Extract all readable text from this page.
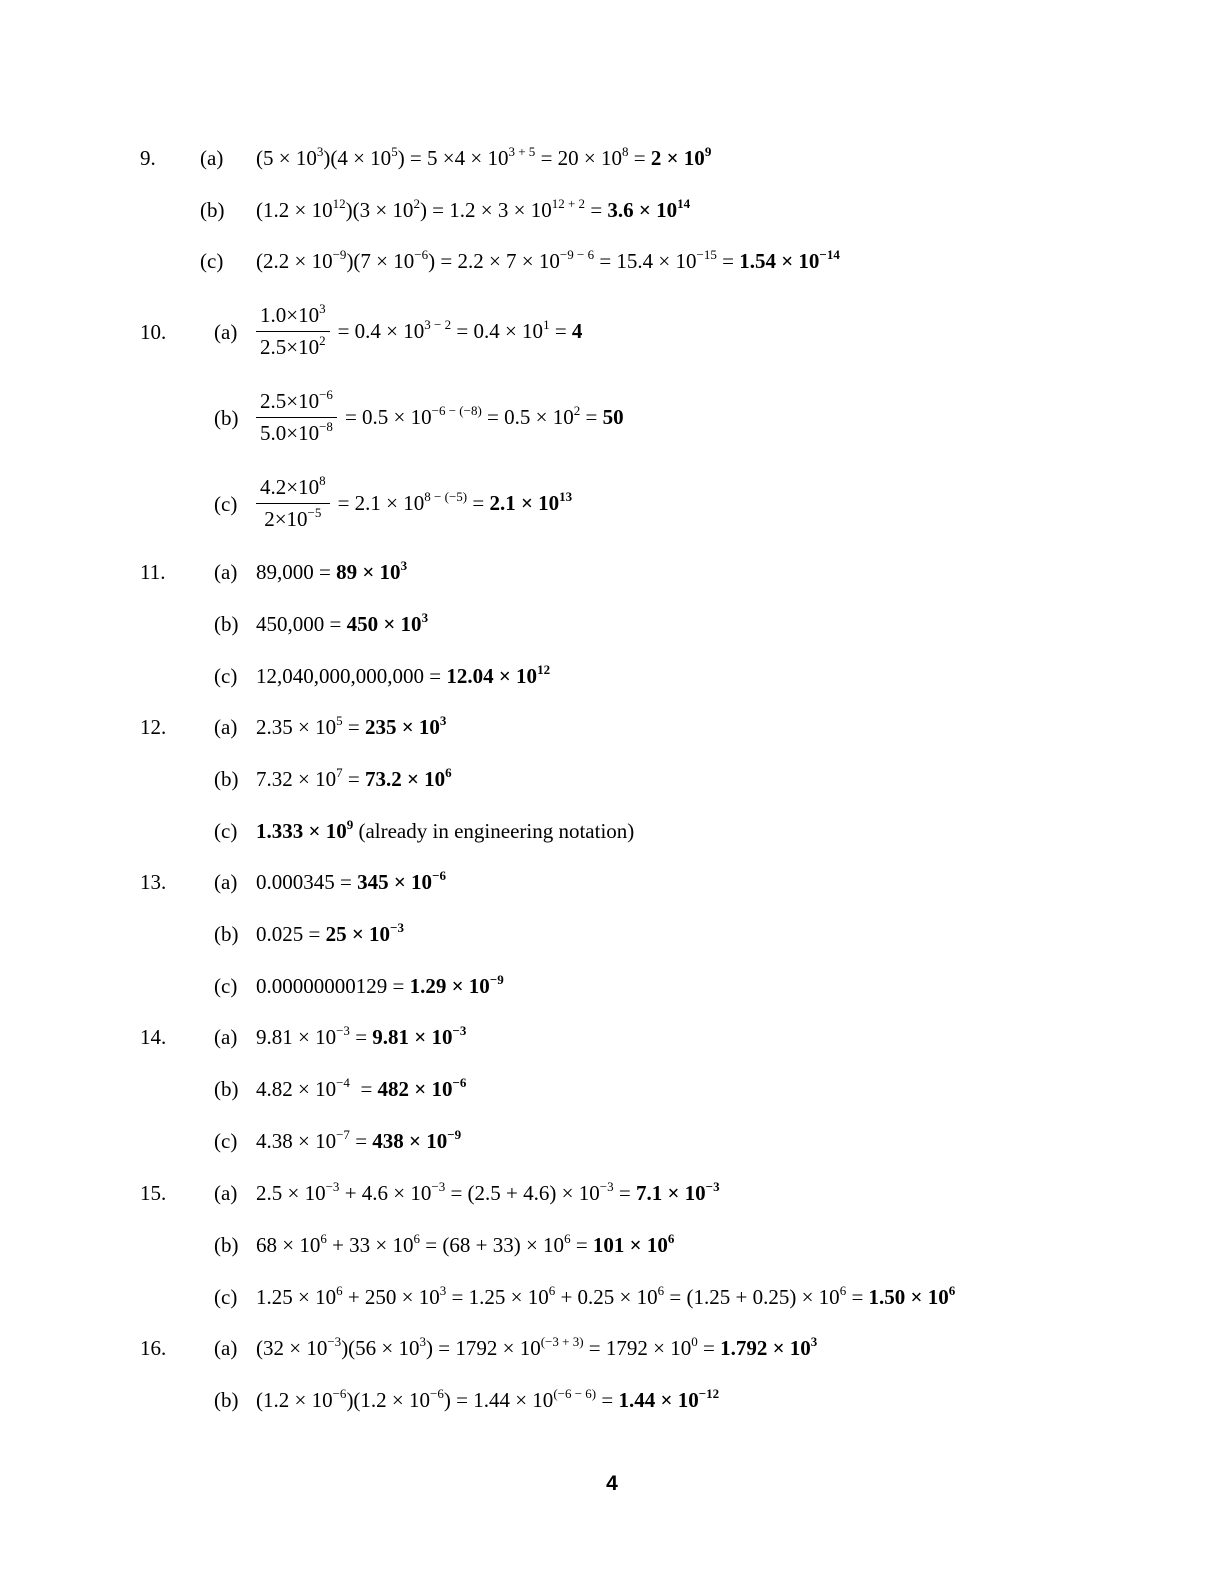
9. (a) $(5 \times 10^3)(4 \times 10^5) = 5 \times 4 \times 10^{3 + 5} = 20 \times 10^8 = 2 \times 10^9$
(b) $(1.2 \times 10^{12})(3 \times 10^2) = 1.2 \times 3 \times 10^{12 + 2} = 3.6 \times 10^{14}$
(c) $(2.2 \times 10^{-9})(7 \times 10^{-6}) = 2.2 \times 7 \times 10^{-9 - 6} = 15.4 \times 10^{-15} = 1.54 \times 10^{-14}$
10. $(a) \frac{1.0\times 10^3}{2.5\times 10^2} = 0.4 \times 10^{3 - 2} = 0.4 \times 10^1 = 4$
$(b) \frac{2.5\times 10^{-6}}{5.0\times 10^{-8}} = 0.5 \times 10^{-6 - (-8)} = 0.5 \times 10^2 = 50$
$(c) \frac{4.2\times 10^8}{2\times 10^{-5}} = 2.1 \times 10^{8 - (-5)} = 2.1 \times 10^{13}$
11. (a) $89,000 = 89 \times 10^3$
(b) $450,000 = 450 \times 10^3$
(c) $12,040,000,000,000 = 12.04 \times 10^{12}$
12. (a) $2.35 \times 10^5 = 235 \times 10^3$
(b) $7.32 \times 10^7 = 73.2 \times 10^6$
(c) $1.333 \times 10^9$ (already in engineering notation)
13. (a) $0.000345 = 345 \times 10^{-6}$
(b) $0.025 = 25 \times 10^{-3}$
(c) $0.00000000129 = 1.29 \times 10^{-9}$
14. (a) $9.81 \times 10^{-3} = 9.81 \times 10^{-3}$
(b) $4.82 \times 10^{-4} = 482 \times 10^{-6}$
(c) $4.38 \times 10^{-7} = 438 \times 10^{-9}$
15. (a) $2.5 \times 10^{-3} + 4.6 \times 10^{-3} = (2.5 + 4.6) \times 10^{-3} = 7.1 \times 10^{-3}$
(b) $68 \times 10^6 + 33 \times 10^6 = (68 + 33) \times 10^6 = 101 \times 10^6$
(c) $1.25 \times 10^6 + 250 \times 10^3 = 1.25 \times 10^6 + 0.25 \times 10^6 = (1.25 + 0.25) \times 10^6 = 1.50 \times 10^6$
16. (a) $(32 \times 10^{-3})(56 \times 10^3) = 1792 \times 10^{(-3 + 3)} = 1792 \times 10^0 = 1.792 \times 10^3$
(b) $(1.2 \times 10^{-6})(1.2 \times 10^{-6}) = 1.44 \times 10^{(-6 - 6)} = 1.44 \times 10^{-12}$
4
